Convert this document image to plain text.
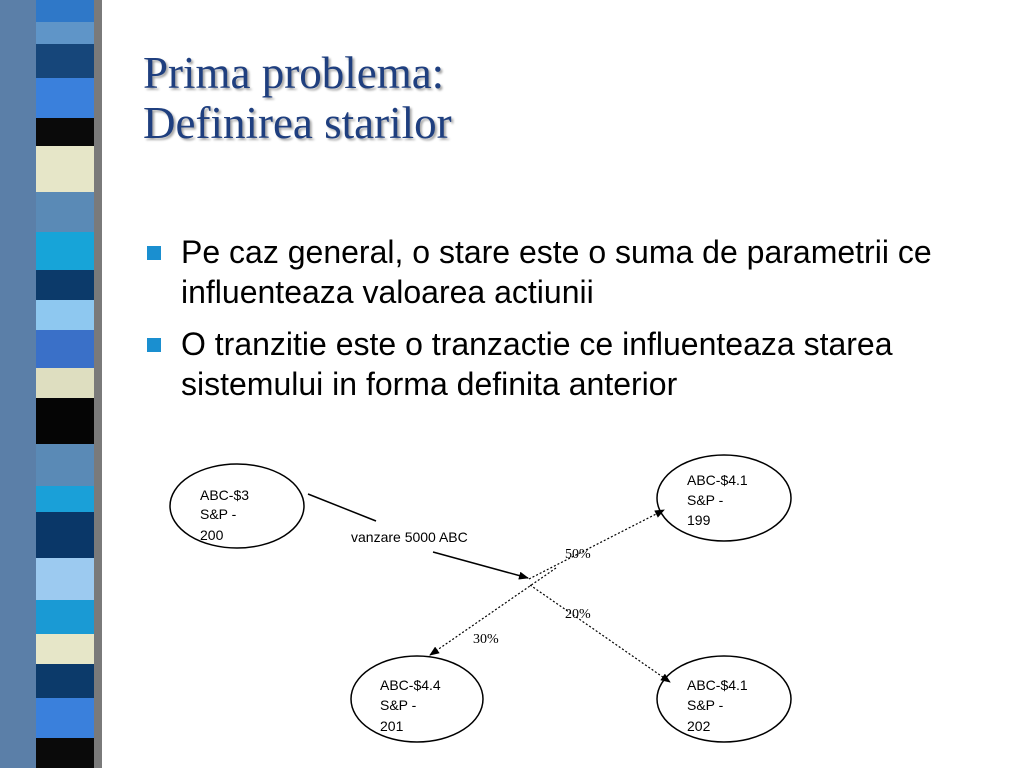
Prima problema:
Definirea starilor
Pe caz general, o stare este o suma de parametrii ce influenteaza valoarea actiunii
O tranzitie este o tranzactie ce influenteaza starea sistemului in forma definita anterior
ABC-$3
S&P -
200
ABC-$4.1
S&P -
199
ABC-$4.4
S&P -
201
ABC-$4.1
S&P -
202
vanzare 5000 ABC
50%
20%
30%
